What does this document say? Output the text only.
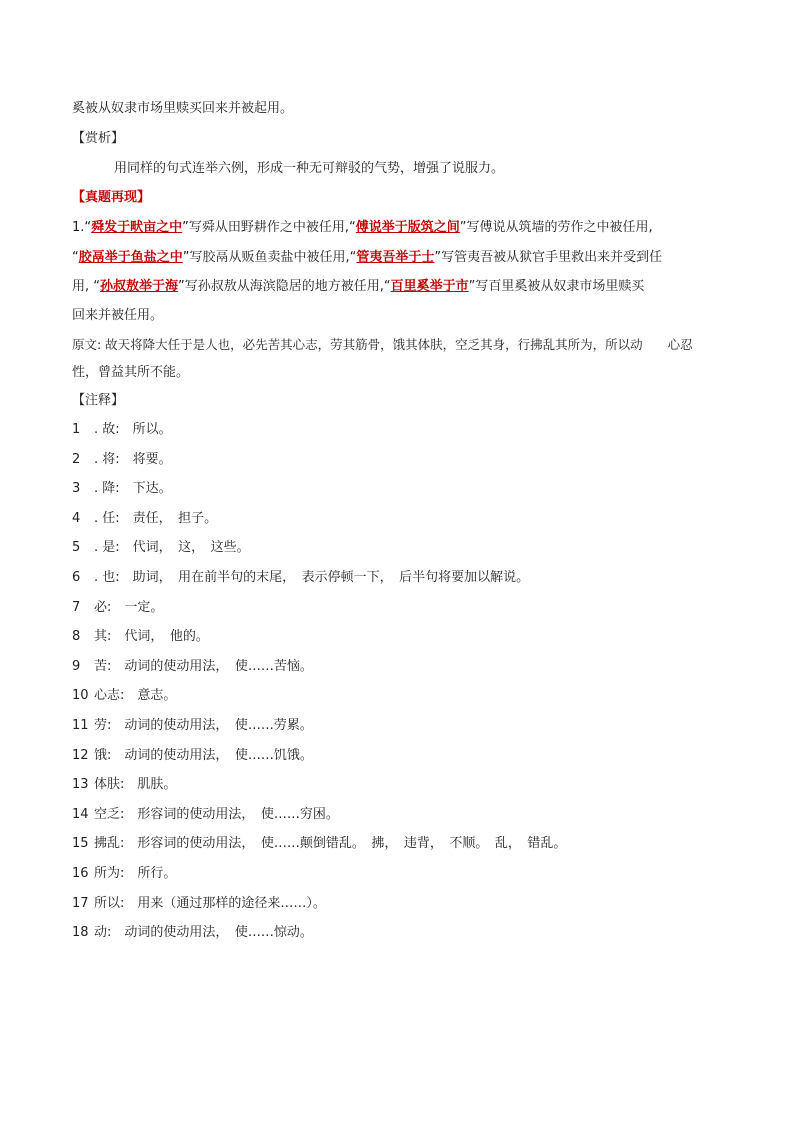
奚被从奴隶市场里赎买回来并被起用。
【赏析】
用同样的句式连举六例，形成一种无可辩驳的气势，增强了说服力。
【真题再现】
1.“舜发于畎亩之中”写舜从田野耕作之中被任用,“傅说举于版筑之间”写傅说从筑墙的劳作之中被任用,
“胶鬲举于鱼盐之中”写胶鬲从贩鱼卖盐中被任用,“管夷吾举于士”写管夷吾被从狱官手里救出来并受到任
用, “孙叔敖举于海”写孙叔敖从海滨隐居的地方被任用,“百里奚举于市”写百里奚被从奴隶市场里赎买
回来并被任用。
原文: 故天将降大任于是人也，必先苦其心志，劳其筋骨，饿其体肤，空乏其身，行拂乱其所为，所以动　　心忍
性，曾益其所不能。
【注释】
1 . 故:　所以。
2 . 将:　将要。
3 . 降:　下达。
4 . 任:　责任，　担子。
5 . 是:　代词，　这，　这些。
6 . 也:　助词，　用在前半句的末尾，　表示停顿一下，　后半句将要加以解说。
7 必:　一定。
8 其:　代词，　他的。
9 苦:　动词的使动用法，　使……苦恼。
10 心志:　意志。
11 劳:　动词的使动用法，　使……劳累。
12 饿:　动词的使动用法，　使……饥饿。
13 体肤:　肌肤。
14 空乏:　形容词的使动用法，　使……穷困。
15 拂乱:　形容词的使动用法，　使……颠倒错乱。　拂，　违背，　不顺。　乱，　错乱。
16 所为:　所行。
17 所以:　用来（通过那样的途径来……）。
18 动:　动词的使动用法，　使……惊动。
